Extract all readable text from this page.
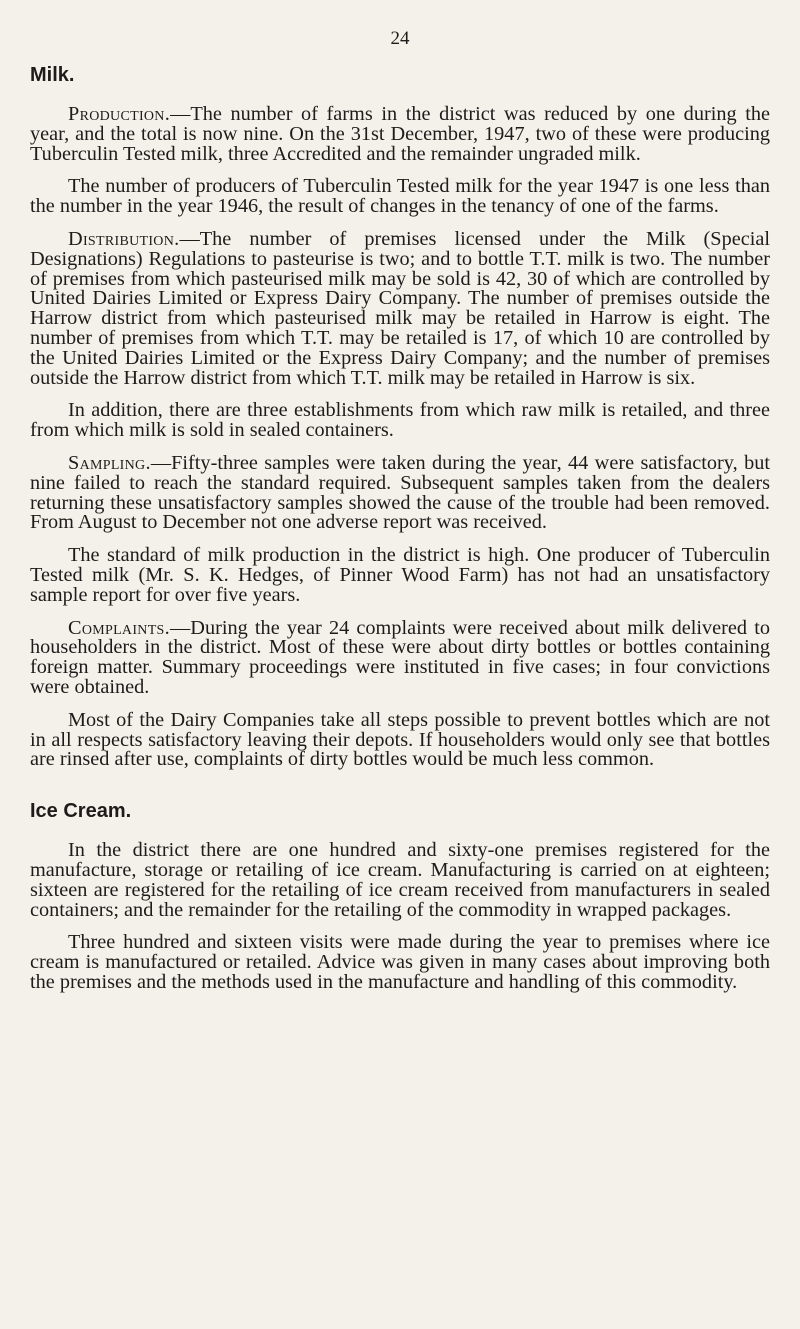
24
Milk.

Production.—The number of farms in the district was reduced by one during the year, and the total is now nine. On the 31st December, 1947, two of these were producing Tuberculin Tested milk, three Accredited and the remainder ungraded milk.

The number of producers of Tuberculin Tested milk for the year 1947 is one less than the number in the year 1946, the result of changes in the tenancy of one of the farms.

Distribution.—The number of premises licensed under the Milk (Special Designations) Regulations to pasteurise is two; and to bottle T.T. milk is two. The number of premises from which pasteurised milk may be sold is 42, 30 of which are controlled by United Dairies Limited or Express Dairy Company. The number of premises outside the Harrow district from which pasteurised milk may be retailed in Harrow is eight. The number of premises from which T.T. may be retailed is 17, of which 10 are controlled by the United Dairies Limited or the Express Dairy Company; and the number of premises outside the Harrow district from which T.T. milk may be retailed in Harrow is six.

In addition, there are three establishments from which raw milk is retailed, and three from which milk is sold in sealed containers.

Sampling.—Fifty-three samples were taken during the year, 44 were satisfactory, but nine failed to reach the standard required. Subsequent samples taken from the dealers returning these unsatisfactory samples showed the cause of the trouble had been removed. From August to December not one adverse report was received.

The standard of milk production in the district is high. One producer of Tuberculin Tested milk (Mr. S. K. Hedges, of Pinner Wood Farm) has not had an unsatisfactory sample report for over five years.

Complaints.—During the year 24 complaints were received about milk delivered to householders in the district. Most of these were about dirty bottles or bottles containing foreign matter. Summary proceedings were instituted in five cases; in four convictions were obtained.

Most of the Dairy Companies take all steps possible to prevent bottles which are not in all respects satisfactory leaving their depots. If householders would only see that bottles are rinsed after use, complaints of dirty bottles would be much less common.

Ice Cream.

In the district there are one hundred and sixty-one premises registered for the manufacture, storage or retailing of ice cream. Manufacturing is carried on at eighteen; sixteen are registered for the retailing of ice cream received from manufacturers in sealed containers; and the remainder for the retailing of the commodity in wrapped packages.

Three hundred and sixteen visits were made during the year to premises where ice cream is manufactured or retailed. Advice was given in many cases about improving both the premises and the methods used in the manufacture and handling of this commodity.
